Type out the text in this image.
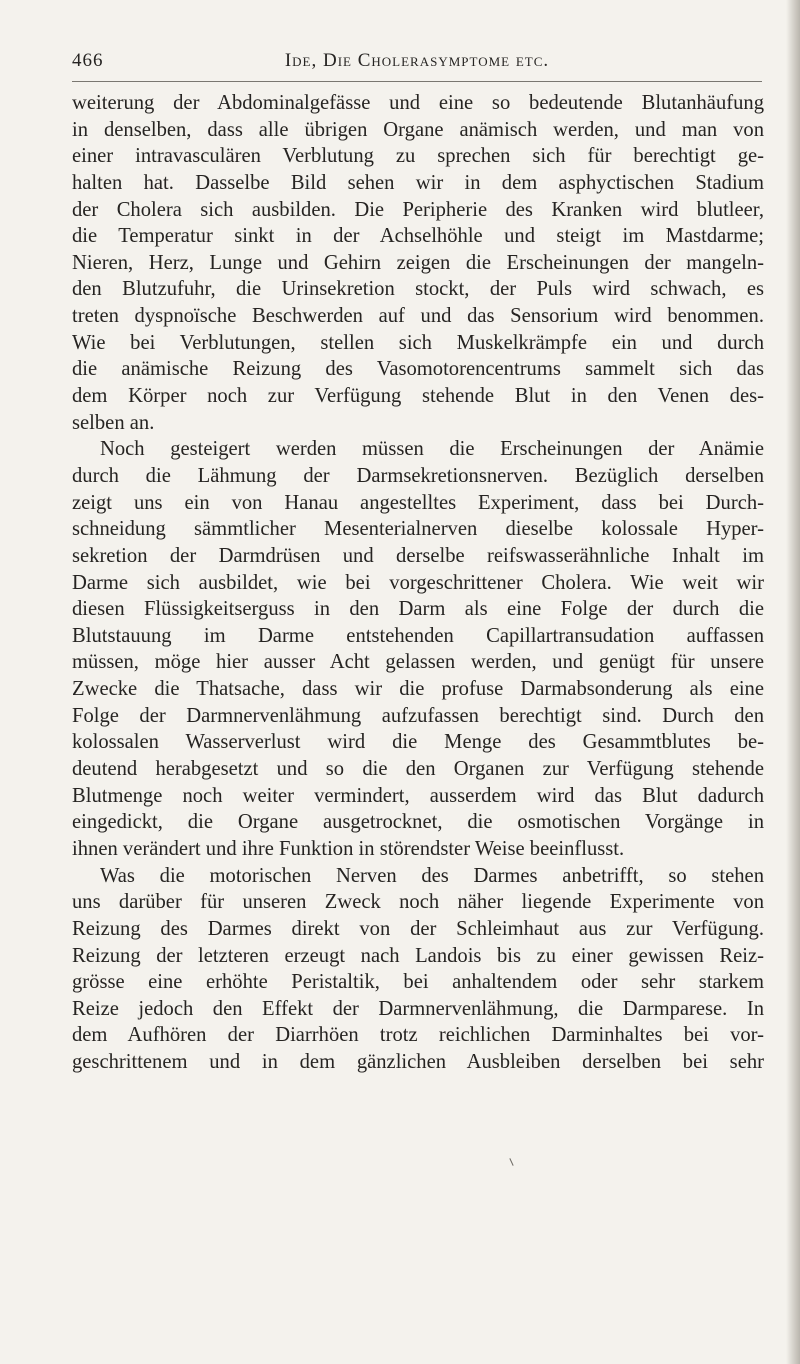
466	Ide, Die Cholerasymptome etc.
weiterung der Abdominalgefässe und eine so bedeutende Blutanhäufung
in denselben, dass alle übrigen Organe anämisch werden, und man von
einer intravasculären Verblutung zu sprechen sich für berechtigt ge-
halten hat. Dasselbe Bild sehen wir in dem asphyctischen Stadium
der Cholera sich ausbilden. Die Peripherie des Kranken wird blutleer,
die Temperatur sinkt in der Achselhöhle und steigt im Mastdarme;
Nieren, Herz, Lunge und Gehirn zeigen die Erscheinungen der mangeln-
den Blutzufuhr, die Urinsekretion stockt, der Puls wird schwach, es
treten dyspnoïsche Beschwerden auf und das Sensorium wird benommen.
Wie bei Verblutungen, stellen sich Muskelkrämpfe ein und durch
die anämische Reizung des Vasomotorencentrums sammelt sich das
dem Körper noch zur Verfügung stehende Blut in den Venen des-
selben an.
Noch gesteigert werden müssen die Erscheinungen der Anämie
durch die Lähmung der Darmsekretionsnerven. Bezüglich derselben
zeigt uns ein von Hanau angestelltes Experiment, dass bei Durch-
schneidung sämmtlicher Mesenterialnerven dieselbe kolossale Hyper-
sekretion der Darmdrüsen und derselbe reifswasserähnliche Inhalt im
Darme sich ausbildet, wie bei vorgeschrittener Cholera. Wie weit wir
diesen Flüssigkeitserguss in den Darm als eine Folge der durch die
Blutstauung im Darme entstehenden Capillartransudation auffassen
müssen, möge hier ausser Acht gelassen werden, und genügt für unsere
Zwecke die Thatsache, dass wir die profuse Darmabsonderung als eine
Folge der Darmnervenlähmung aufzufassen berechtigt sind. Durch den
kolossalen Wasserverlust wird die Menge des Gesammtblutes be-
deutend herabgesetzt und so die den Organen zur Verfügung stehende
Blutmenge noch weiter vermindert, ausserdem wird das Blut dadurch
eingedickt, die Organe ausgetrocknet, die osmotischen Vorgänge in
ihnen verändert und ihre Funktion in störendster Weise beeinflusst.
Was die motorischen Nerven des Darmes anbetrifft, so stehen
uns darüber für unseren Zweck noch näher liegende Experimente von
Reizung des Darmes direkt von der Schleimhaut aus zur Verfügung.
Reizung der letzteren erzeugt nach Landois bis zu einer gewissen Reiz-
grösse eine erhöhte Peristaltik, bei anhaltendem oder sehr starkem
Reize jedoch den Effekt der Darmnervenlähmung, die Darmparese. In
dem Aufhören der Diarrhöen trotz reichlichen Darminhaltes bei vor-
geschrittenem und in dem gänzlichen Ausbleiben derselben bei sehr
